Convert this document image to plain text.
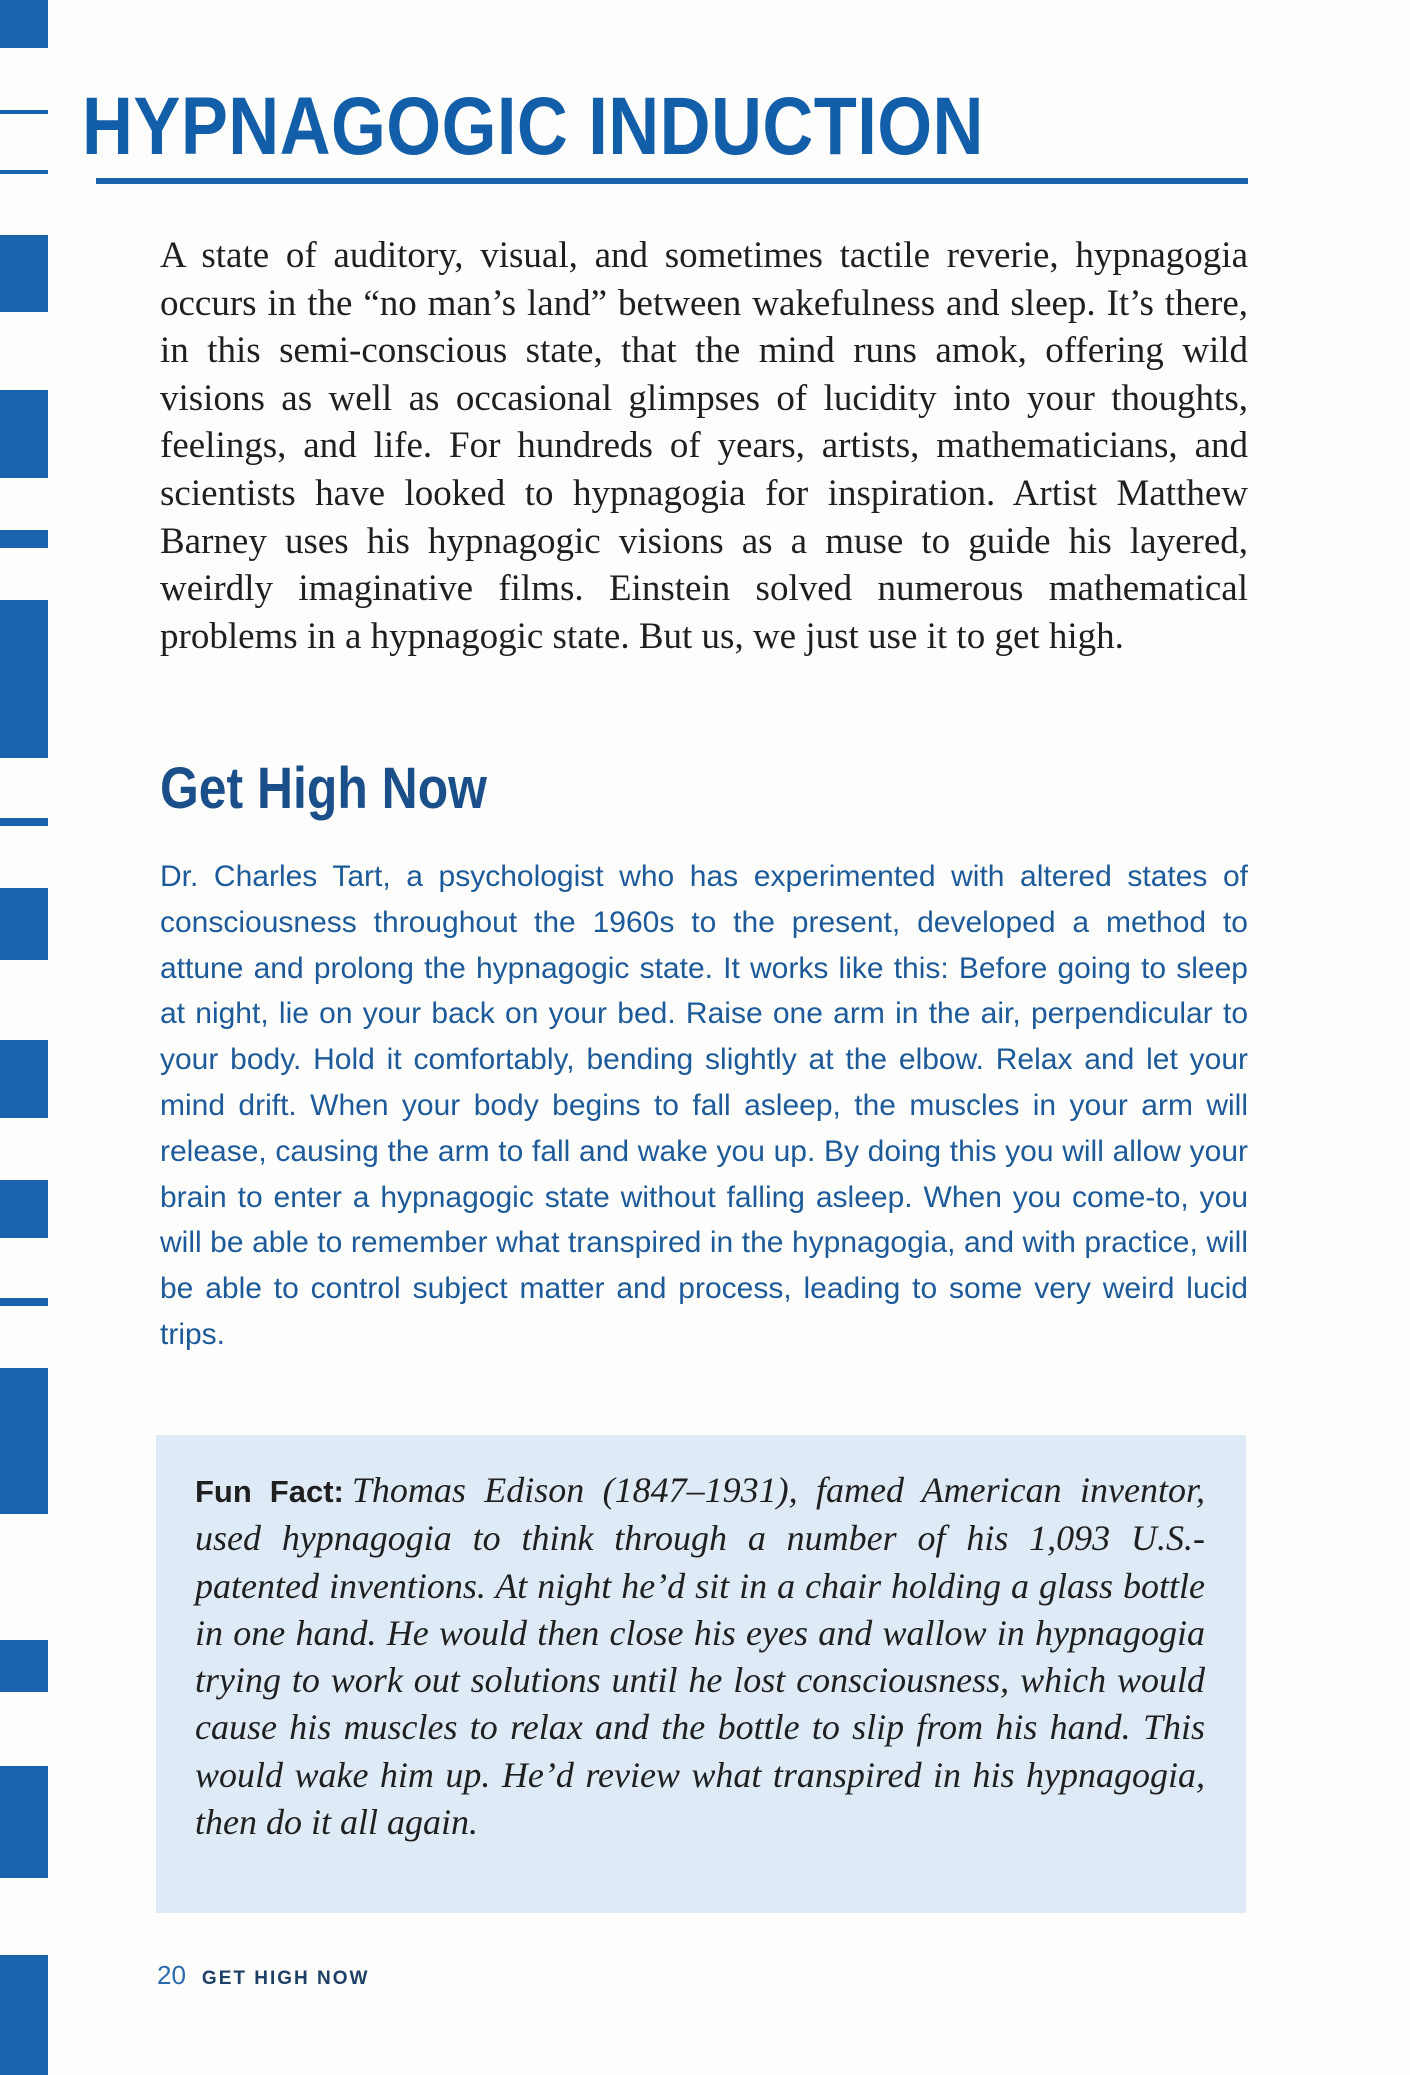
HYPNAGOGIC INDUCTION

A state of auditory, visual, and sometimes tactile reverie, hypnagogia occurs in the “no man’s land” between wakefulness and sleep. It’s there, in this semi-conscious state, that the mind runs amok, offering wild visions as well as occasional glimpses of lucidity into your thoughts, feelings, and life. For hundreds of years, artists, mathematicians, and scientists have looked to hypnagogia for inspiration. Artist Matthew Barney uses his hypnagogic visions as a muse to guide his layered, weirdly imaginative films. Einstein solved numerous mathematical problems in a hypnagogic state. But us, we just use it to get high.

Get High Now

Dr. Charles Tart, a psychologist who has experimented with altered states of consciousness throughout the 1960s to the present, developed a method to attune and prolong the hypnagogic state. It works like this: Before going to sleep at night, lie on your back on your bed. Raise one arm in the air, perpendicular to your body. Hold it comfortably, bending slightly at the elbow. Relax and let your mind drift. When your body begins to fall asleep, the muscles in your arm will release, causing the arm to fall and wake you up. By doing this you will allow your brain to enter a hypnagogic state without falling asleep. When you come-to, you will be able to remember what transpired in the hypnagogia, and with practice, will be able to control subject matter and process, leading to some very weird lucid trips.

Fun Fact: Thomas Edison (1847–1931), famed American inventor, used hypnagogia to think through a number of his 1,093 U.S.-patented inventions. At night he’d sit in a chair holding a glass bottle in one hand. He would then close his eyes and wallow in hypnagogia trying to work out solutions until he lost consciousness, which would cause his muscles to relax and the bottle to slip from his hand. This would wake him up. He’d review what transpired in his hypnagogia, then do it all again.

20 GET HIGH NOW
